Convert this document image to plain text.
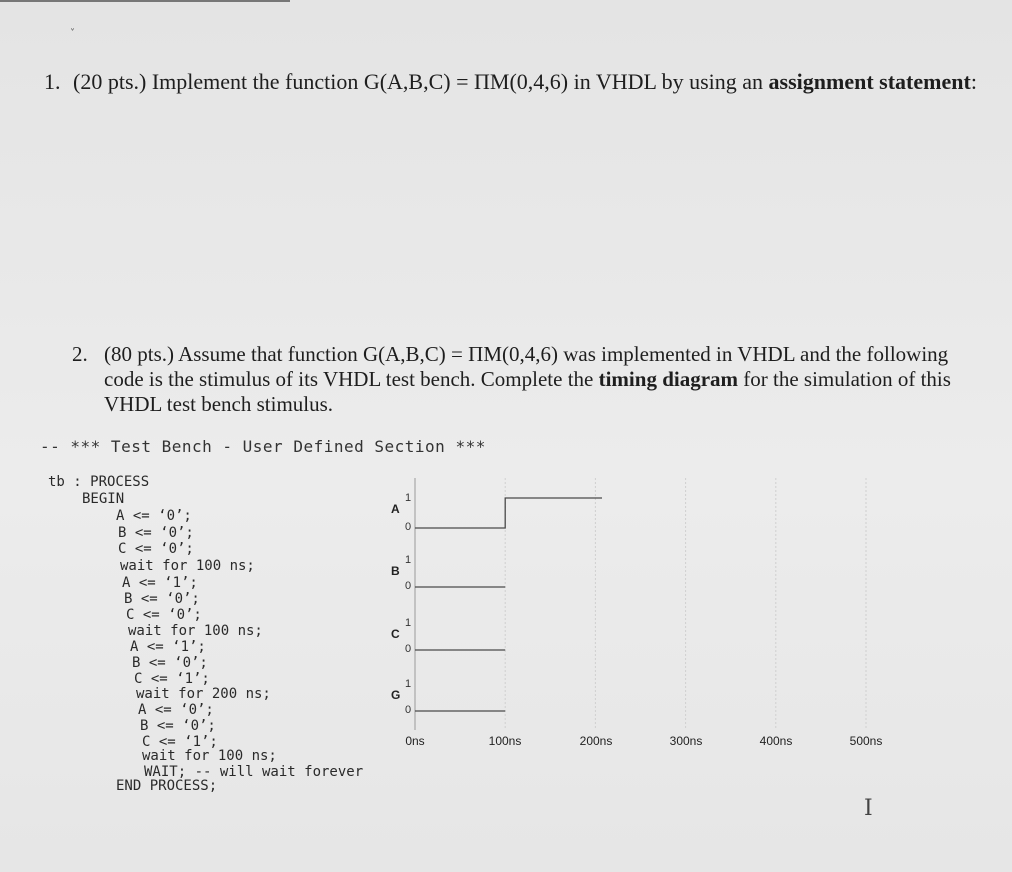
˅
1. (20 pts.) Implement the function G(A,B,C) = ΠM(0,4,6) in VHDL by using an assignment statement:
2. (80 pts.) Assume that function G(A,B,C) = ΠM(0,4,6) was implemented in VHDL and the following code is the stimulus of its VHDL test bench. Complete the timing diagram for the simulation of this VHDL test bench stimulus.
-- *** Test Bench - User Defined Section ***
tb : PROCESS
BEGIN
A <= ‘0’;
B <= ‘0’;
C <= ‘0’;
wait for 100 ns;
A <= ‘1’;
B <= ‘0’;
C <= ‘0’;
wait for 100 ns;
A <= ‘1’;
B <= ‘0’;
C <= ‘1’;
wait for 200 ns;
A <= ‘0’;
B <= ‘0’;
C <= ‘1’;
wait for 100 ns;
WAIT; -- will wait forever
END PROCESS;
A
1
0
B
1
0
C
1
0
G
1
0
0ns	100ns	200ns	300ns	400ns	500ns
I
